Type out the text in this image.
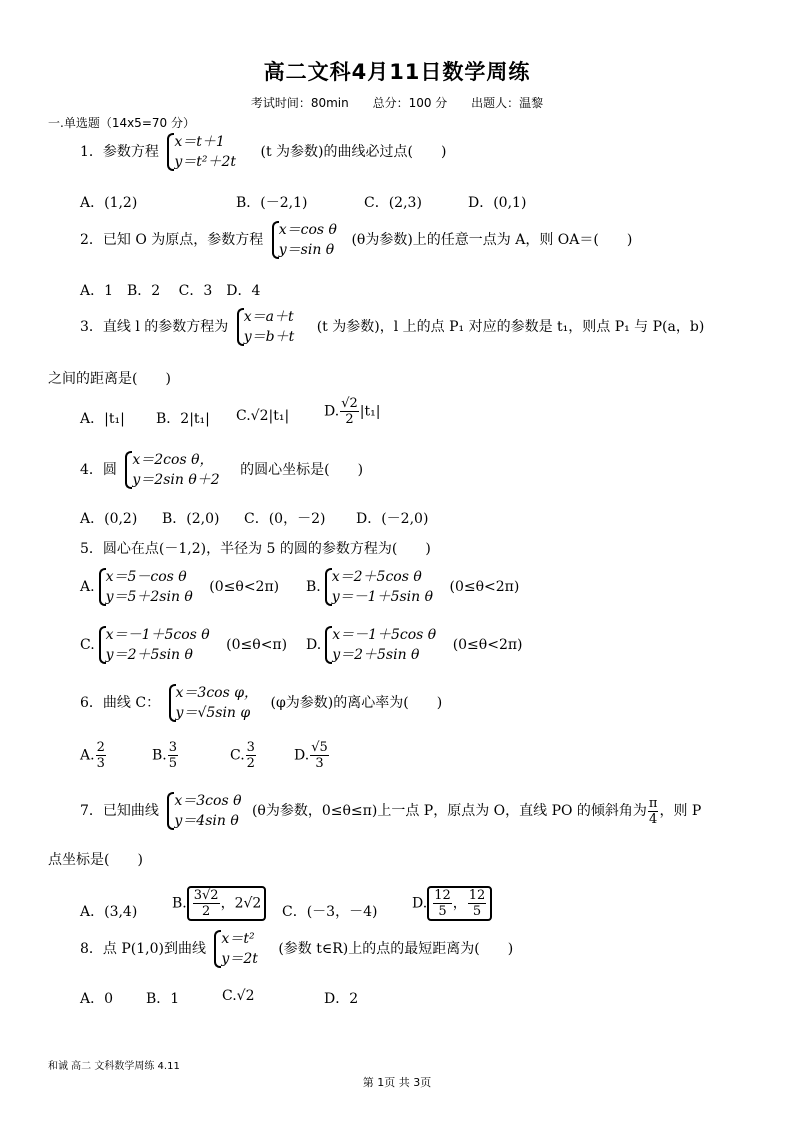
高二文科4月11日数学周练
考试时间：80min 总分：100 分 出题人：温黎
一.单选题（14x5=70 分）
1．参数方程
x＝t＋1
y＝t²＋2t
(t 为参数)的曲线必过点(　　)
A．(1,2)	B．(－2,1)	C．(2,3)	D．(0,1)
2．已知 O 为原点，参数方程
x＝cos θ
y＝sin θ
(θ为参数)上的任意一点为 A，则 OA＝(　　)
A．1　B．2　 C．3　D．4
3．直线 l 的参数方程为
x＝a＋t
y＝b＋t
(t 为参数)，l 上的点 P₁ 对应的参数是 t₁，则点 P₁ 与 P(a，b)
之间的距离是(　　)
A．|t₁| B．2|t₁| C.√2|t₁| D. $\frac{√2}{2} |t_1|$
4．圆
x＝2cos θ，
y＝2sin θ＋2
的圆心坐标是(　　)
A．(0,2) B．(2,0) C．(0，－2) D．(－2,0)
5．圆心在点(－1,2)，半径为 5 的圆的参数方程为(　　)
A.
x＝5－cos θ
y＝5＋2sin θ
(0≤θ<2π) B.
x＝2＋5cos θ
y＝－1＋5sin θ
(0≤θ<2π)
C.
x＝－1＋5cos θ
y＝2＋5sin θ
(0≤θ<π) D.
x＝－1＋5cos θ
y＝2＋5sin θ
(0≤θ<2π)
6．曲线 C：
x＝3cos φ，
y＝√5sin φ
(φ为参数)的离心率为(　　)
A. $\frac{2}{3}$	B. $\frac{3}{5}$	C. $\frac{3}{2}$	D. $\frac{√5}{3}$
7．已知曲线
x＝3cos θ
y＝4sin θ
(θ为参数，0≤θ≤π)上一点 P，原点为 O，直线 PO 的倾斜角为 $\frac{\pi}{4}$ ，则 P
点坐标是(　　)
A．(3,4)
B. $\frac{3√2}{2}$ ，2√2
C．(－3，－4)
D. $\frac{12}{5}$ ， $\frac{12}{5}$
8．点 P(1,0)到曲线
x＝t²
y＝2t
(参数 t∈R)上的点的最短距离为(　　)
A．0 B．1	C.√2	D．2
和诚 高二 文科数学周练 4.11
第 1页 共 3页
